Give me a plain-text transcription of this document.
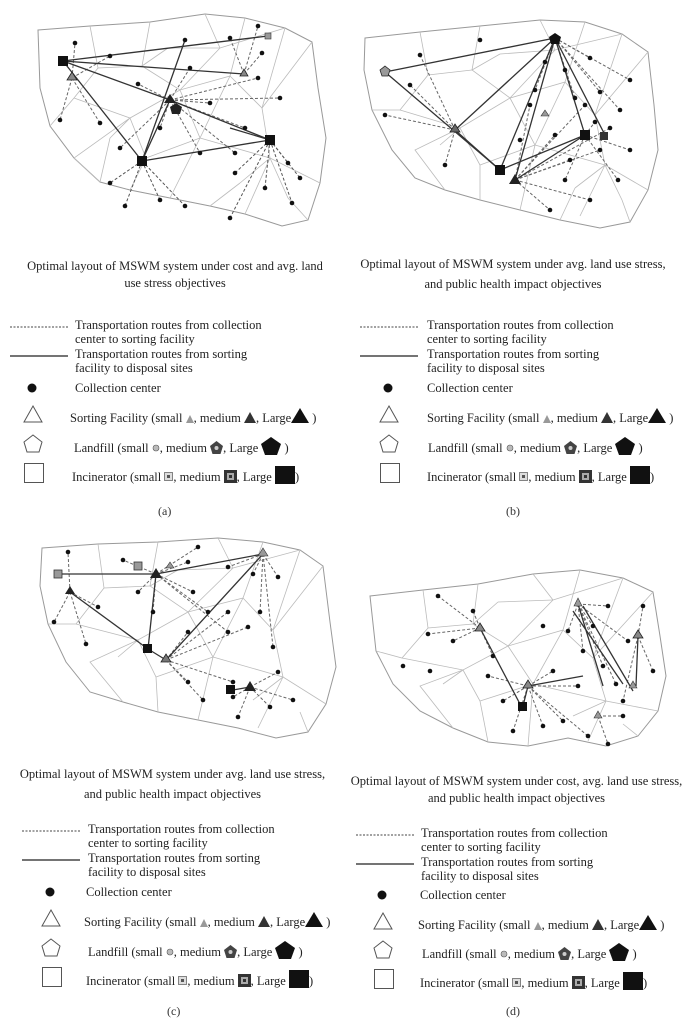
Optimal layout of MSWM system under cost and avg. land
use stress objectives
Transportation routes from collection
center to sorting facility
Transportation routes from sorting
facility to disposal sites
Collection center
Sorting Facility (small , medium , Large )
Landfill (small , medium , Large )
Incinerator (small , medium , Large )
(a)
Optimal layout of MSWM system under avg. land use stress,
and public health impact objectives
Transportation routes from collection
center to sorting facility
Transportation routes from sorting
facility to disposal sites
Collection center
Sorting Facility (small , medium , Large )
Landfill (small , medium , Large )
Incinerator (small , medium , Large )
(b)
Optimal layout of MSWM system under avg. land use stress,
and public health impact objectives
Transportation routes from collection
center to sorting facility
Transportation routes from sorting
facility to disposal sites
Collection center
Sorting Facility (small , medium , Large )
Landfill (small , medium , Large )
Incinerator (small , medium , Large )
(c)
Optimal layout of MSWM system under cost, avg. land use stress,
and public health impact objectives
Transportation routes from collection
center to sorting facility
Transportation routes from sorting
facility to disposal sites
Collection center
Sorting Facility (small , medium , Large )
Landfill (small , medium , Large )
Incinerator (small , medium , Large )
(d)
